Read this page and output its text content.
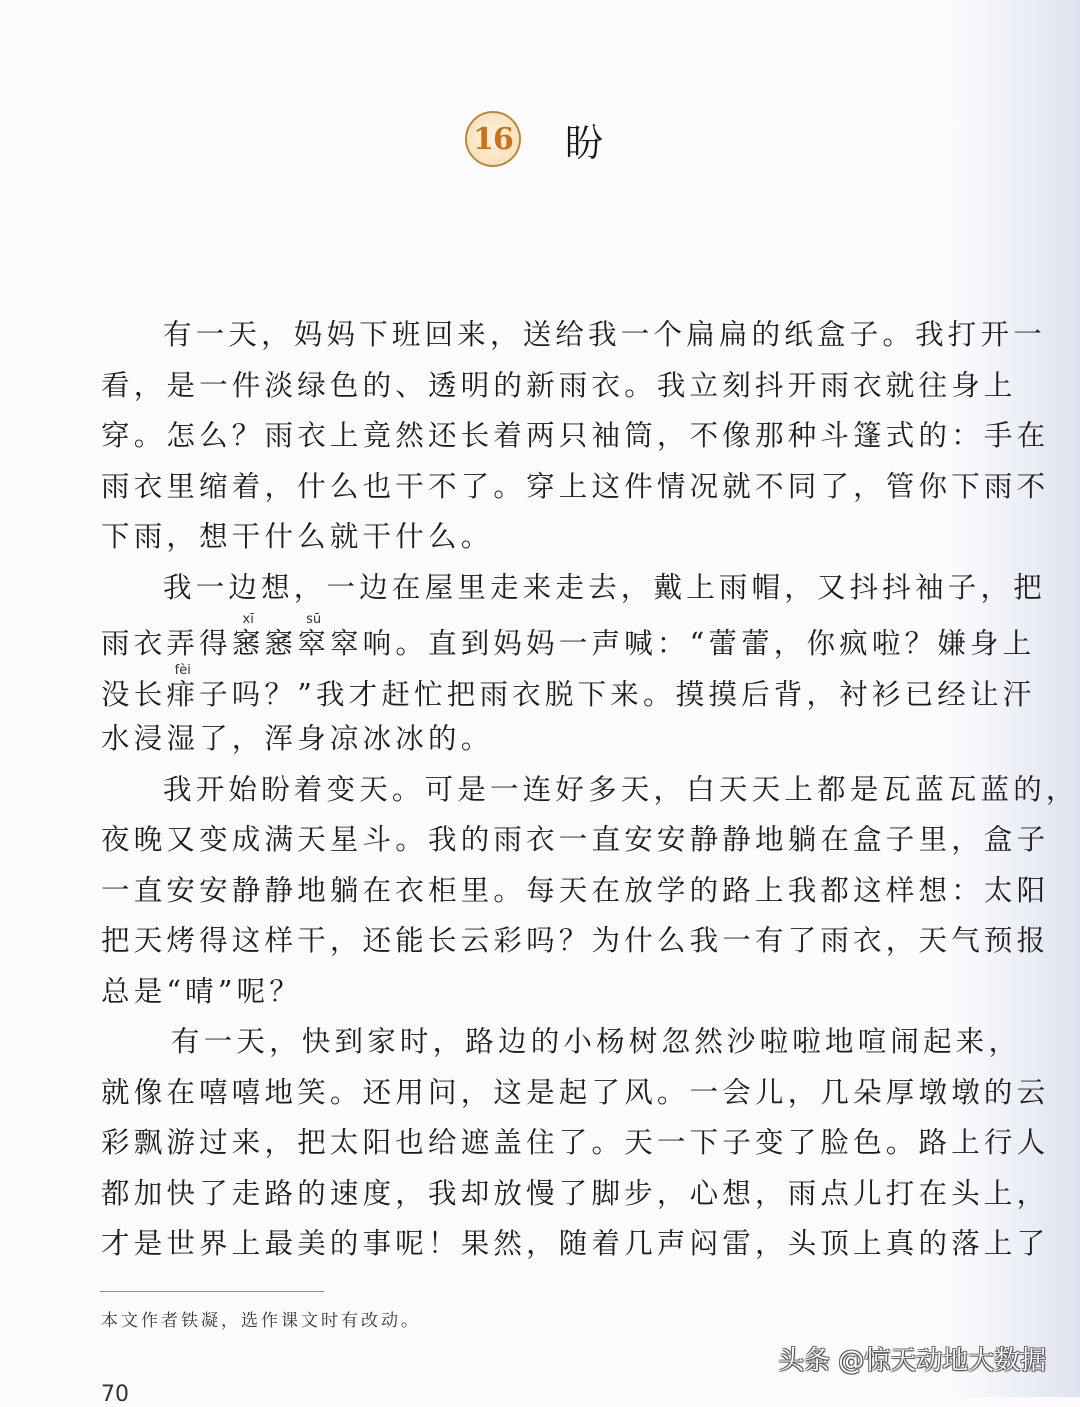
16 盼
有一天，妈妈下班回来，送给我一个扁扁的纸盒子。我打开一
看，是一件淡绿色的、透明的新雨衣。我立刻抖开雨衣就往身上
穿。怎么？雨衣上竟然还长着两只袖筒，不像那种斗篷式的：手在
雨衣里缩着，什么也干不了。穿上这件情况就不同了，管你下雨不
下雨，想干什么就干什么。
我一边想，一边在屋里走来走去，戴上雨帽，又抖抖袖子，把
雨衣弄得窸xī窸窣sū窣响。直到妈妈一声喊：“蕾蕾，你疯啦？嫌身上
没长痱fèi子吗？”我才赶忙把雨衣脱下来。摸摸后背，衬衫已经让汗
水浸湿了，浑身凉冰冰的。
我开始盼着变天。可是一连好多天，白天天上都是瓦蓝瓦蓝的，
夜晚又变成满天星斗。我的雨衣一直安安静静地躺在盒子里，盒子
一直安安静静地躺在衣柜里。每天在放学的路上我都这样想：太阳
把天烤得这样干，还能长云彩吗？为什么我一有了雨衣，天气预报
总是“晴”呢？
有一天，快到家时，路边的小杨树忽然沙啦啦地喧闹起来，
就像在嘻嘻地笑。还用问，这是起了风。一会儿，几朵厚墩墩的云
彩飘游过来，把太阳也给遮盖住了。天一下子变了脸色。路上行人
都加快了走路的速度，我却放慢了脚步，心想，雨点儿打在头上，
才是世界上最美的事呢！果然，随着几声闷雷，头顶上真的落上了
本文作者铁凝，选作课文时有改动。
70
头条 @惊天动地大数据
